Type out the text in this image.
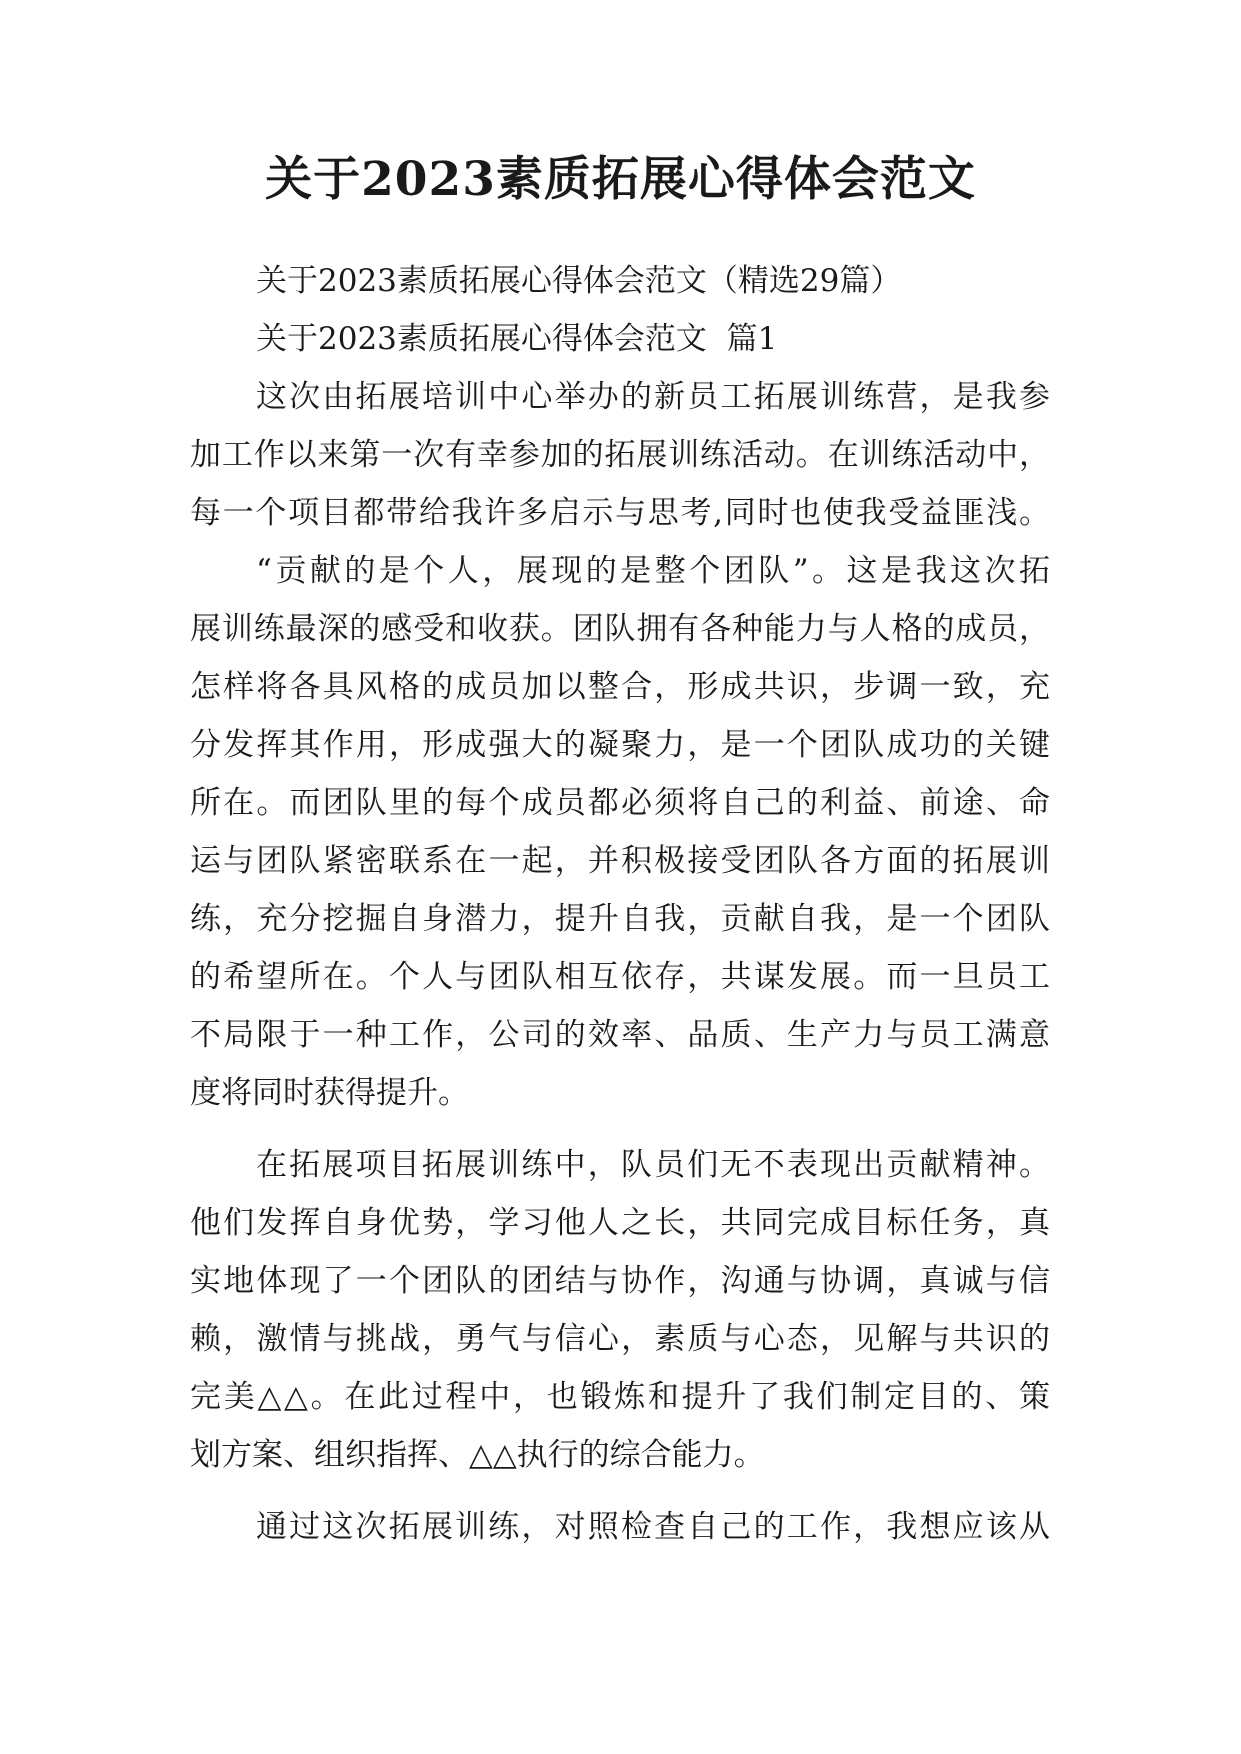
关于2023素质拓展心得体会范文
关于2023素质拓展心得体会范文（精选29篇）
关于2023素质拓展心得体会范文  篇1
这次由拓展培训中心举办的新员工拓展训练营，是我参
加工作以来第一次有幸参加的拓展训练活动。在训练活动中，
每一个项目都带给我许多启示与思考,同时也使我受益匪浅。
“贡献的是个人，展现的是整个团队”。这是我这次拓
展训练最深的感受和收获。团队拥有各种能力与人格的成员，
怎样将各具风格的成员加以整合，形成共识，步调一致，充
分发挥其作用，形成强大的凝聚力，是一个团队成功的关键
所在。而团队里的每个成员都必须将自己的利益、前途、命
运与团队紧密联系在一起，并积极接受团队各方面的拓展训
练，充分挖掘自身潜力，提升自我，贡献自我，是一个团队
的希望所在。个人与团队相互依存，共谋发展。而一旦员工
不局限于一种工作，公司的效率、品质、生产力与员工满意
度将同时获得提升。
在拓展项目拓展训练中，队员们无不表现出贡献精神。
他们发挥自身优势，学习他人之长，共同完成目标任务，真
实地体现了一个团队的团结与协作，沟通与协调，真诚与信
赖，激情与挑战，勇气与信心，素质与心态，见解与共识的
完美△△。在此过程中，也锻炼和提升了我们制定目的、策
划方案、组织指挥、△△执行的综合能力。
通过这次拓展训练，对照检查自己的工作，我想应该从
